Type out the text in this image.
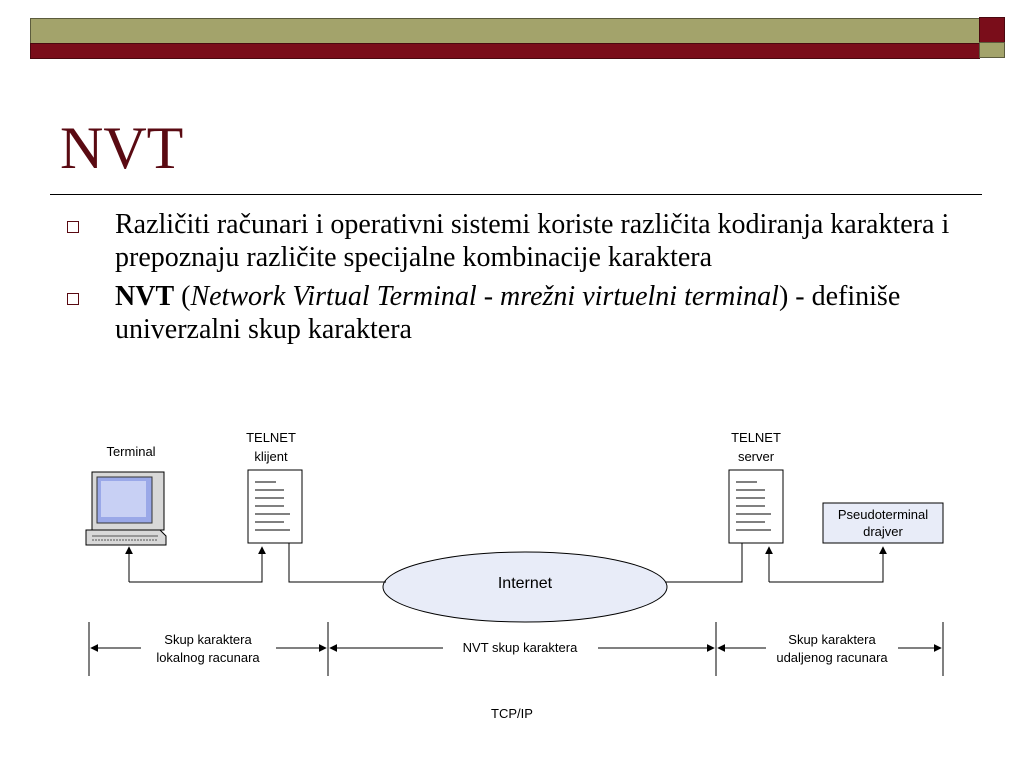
NVT
Različiti računari i operativni sistemi koriste različita kodiranja karaktera i prepoznaju različite specijalne kombinacije karaktera
NVT (Network Virtual Terminal - mrežni virtuelni terminal) - definiše univerzalni skup karaktera
Terminal
TELNET
klijent
TELNET
server
Pseudoterminal
drajver
Internet
Skup karaktera
lokalnog racunara
NVT skup karaktera
Skup karaktera
udaljenog racunara
TCP/IP
